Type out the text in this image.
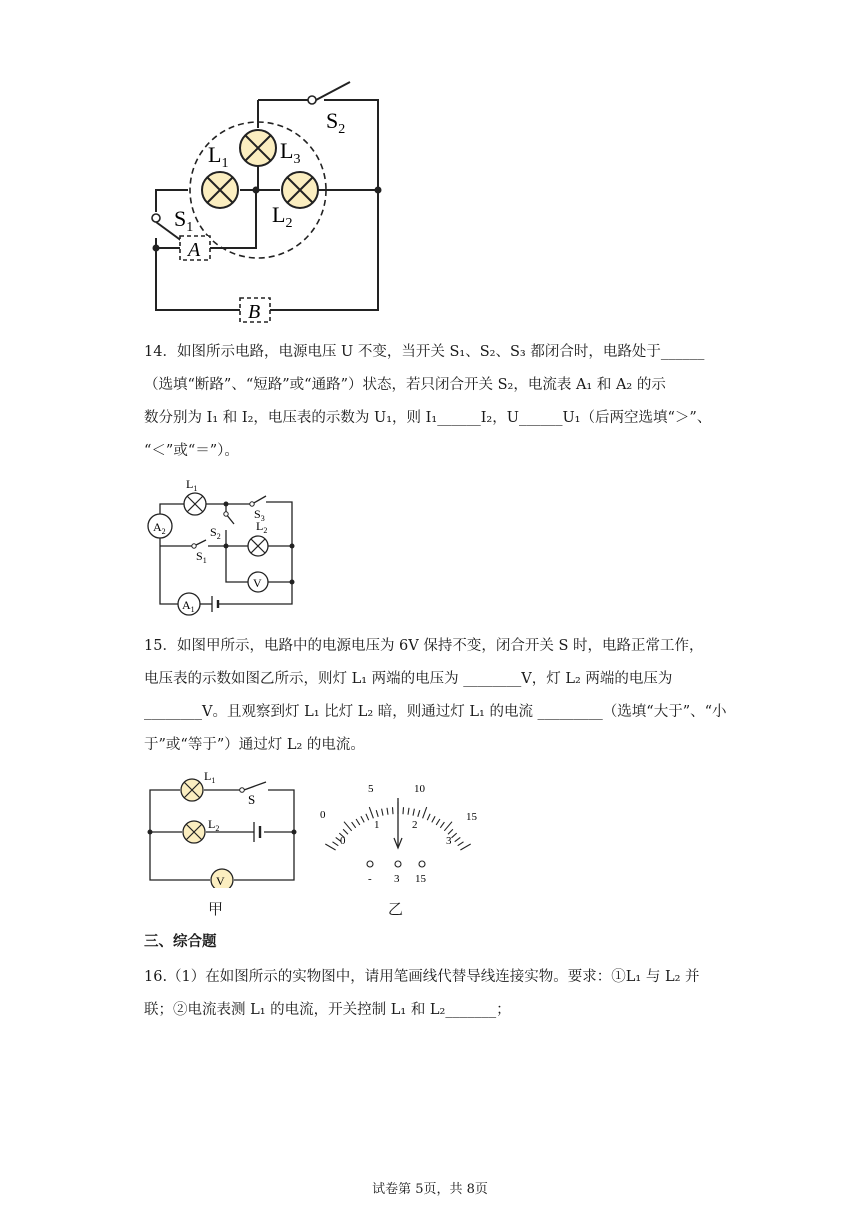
A
B
$S_2$
$S_1$
$L_1$
$L_3$
$L_2$
14．如图所示电路，电源电压 U 不变，当开关 S₁、S₂、S₃ 都闭合时，电路处于______
（选填“断路”、“短路”或“通路”）状态，若只闭合开关 S₂，电流表 A₁ 和 A₂ 的示
数分别为 I₁ 和 I₂，电压表的示数为 U₁，则 I₁______I₂，U______U₁（后两空选填“＞”、
“＜”或“＝”）。
$A_2$
$A_1$
V
$L_1$
$L_2$
$S_3$
$S_2$
$S_1$
15．如图甲所示，电路中的电源电压为 6V 保持不变，闭合开关 S 时，电路正常工作，
电压表的示数如图乙所示，则灯 L₁ 两端的电压为 ________V，灯 L₂ 两端的电压为
________V。且观察到灯 L₁ 比灯 L₂ 暗，则通过灯 L₁ 的电流 _________（选填“大于”、“小
于”或“等于”）通过灯 L₂ 的电流。
V
$L_1$
$L_2$
S
甲
0
5	10
15
0
1	2
3
- 3 15
乙
三、综合题
16.（1）在如图所示的实物图中，请用笔画线代替导线连接实物。要求：①L₁ 与 L₂ 并
联；②电流表测 L₁ 的电流，开关控制 L₁ 和 L₂_______；
试卷第 5页，共 8页
